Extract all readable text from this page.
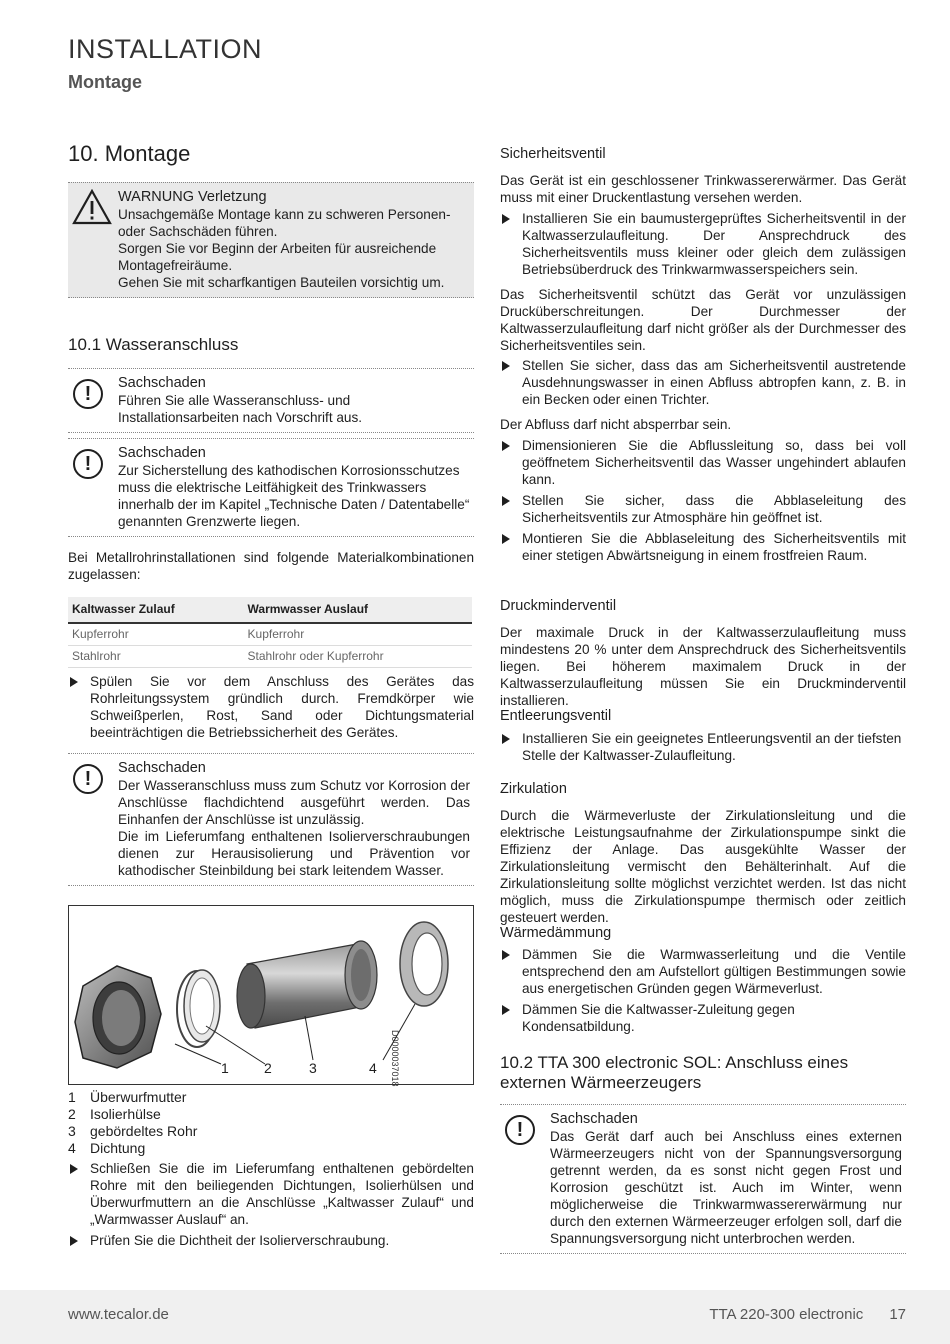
INSTALLATION
Montage
10. Montage
WARNUNG Verletzung
Unsachgemäße Montage kann zu schweren Personen- oder Sachschäden führen.
Sorgen Sie vor Beginn der Arbeiten für ausreichende Montagefreiräume.
Gehen Sie mit scharfkantigen Bauteilen vorsichtig um.
10.1 Wasseranschluss
!	Sachschaden
Führen Sie alle Wasseranschluss- und Installationsarbeiten nach Vorschrift aus.
!	Sachschaden
Zur Sicherstellung des kathodischen Korrosionsschutzes muss die elektrische Leitfähigkeit des Trinkwassers innerhalb der im Kapitel „Technische Daten / Datentabelle“ genannten Grenzwerte liegen.

Bei Metallrohrinstallationen sind folgende Materialkombinationen zugelassen:

Kaltwasser Zulauf	Warmwasser Auslauf
Kupferrohr	Kupferrohr
Stahlrohr	Stahlrohr oder Kupferrohr
Spülen Sie vor dem Anschluss des Gerätes das Rohrleitungssystem gründlich durch. Fremdkörper wie Schweißperlen, Rost, Sand oder Dichtungsmaterial beeinträchtigen die Betriebssicherheit des Gerätes.
!	Sachschaden
Der Wasseranschluss muss zum Schutz vor Korrosion der Anschlüsse flachdichtend ausgeführt werden. Das Einhanfen der Anschlüsse ist unzulässig.
Die im Lieferumfang enthaltenen Isolierverschraubungen dienen zur Herausisolierung und Prävention vor kathodischer Steinbildung bei stark leitendem Wasser.
1	2	3	4	D0000037018
1 Überwurfmutter
2 Isolierhülse
3 gebördeltes Rohr
4 Dichtung
Schließen Sie die im Lieferumfang enthaltenen gebördelten Rohre mit den beiliegenden Dichtungen, Isolierhülsen und Überwurfmuttern an die Anschlüsse „Kaltwasser Zulauf“ und „Warmwasser Auslauf“ an.
Prüfen Sie die Dichtheit der Isolierverschraubung.
Sicherheitsventil

Das Gerät ist ein geschlossener Trinkwassererwärmer. Das Gerät muss mit einer Druckentlastung versehen werden.

Installieren Sie ein baumustergeprüftes Sicherheitsventil in der Kaltwasserzulaufleitung. Der Ansprechdruck des Sicherheitsventils muss kleiner oder gleich dem zulässigen Betriebsüberdruck des Trinkwarmwasserspeichers sein.

Das Sicherheitsventil schützt das Gerät vor unzulässigen Drucküberschreitungen. Der Durchmesser der Kaltwasserzulaufleitung darf nicht größer als der Durchmesser des Sicherheitsventiles sein.

Stellen Sie sicher, dass das am Sicherheitsventil austretende Ausdehnungswasser in einen Abfluss abtropfen kann, z. B. in ein Becken oder einen Trichter.

Der Abfluss darf nicht absperrbar sein.

Dimensionieren Sie die Abflussleitung so, dass bei voll geöffnetem Sicherheitsventil das Wasser ungehindert ablaufen kann.
Stellen Sie sicher, dass die Abblaseleitung des Sicherheitsventils zur Atmosphäre hin geöffnet ist.
Montieren Sie die Abblaseleitung des Sicherheitsventils mit einer stetigen Abwärtsneigung in einem frostfreien Raum.
Druckminderventil

Der maximale Druck in der Kaltwasserzulaufleitung muss mindestens 20 % unter dem Ansprechdruck des Sicherheitsventils liegen. Bei höherem maximalem Druck in der Kaltwasserzulaufleitung müssen Sie ein Druckminderventil installieren.

Entleerungsventil
Installieren Sie ein geeignetes Entleerungsventil an der tiefsten Stelle der Kaltwasser-Zulaufleitung.
Zirkulation

Durch die Wärmeverluste der Zirkulationsleitung und die elektrische Leistungsaufnahme der Zirkulationspumpe sinkt die Effizienz der Anlage. Das ausgekühlte Wasser der Zirkulationsleitung vermischt den Behälterinhalt. Auf die Zirkulationsleitung sollte möglichst verzichtet werden. Ist das nicht möglich, muss die Zirkulationspumpe thermisch oder zeitlich gesteuert werden.

Wärmedämmung
Dämmen Sie die Warmwasserleitung und die Ventile entsprechend den am Aufstellort gültigen Bestimmungen sowie aus energetischen Gründen gegen Wärmeverlust.
Dämmen Sie die Kaltwasser-Zuleitung gegen Kondensatbildung.
10.2 TTA 300 electronic SOL: Anschluss eines externen Wärmeerzeugers
!	Sachschaden
Das Gerät darf auch bei Anschluss eines externen Wärmeerzeugers nicht von der Spannungsversorgung getrennt werden, da es sonst nicht gegen Frost und Korrosion geschützt ist. Auch im Winter, wenn möglicherweise die Trinkwarmwassererwärmung nur durch den externen Wärmeerzeuger erfolgen soll, darf die Spannungsversorgung nicht unterbrochen werden.
www.tecalor.de	TTA 220-300 electronic 17
